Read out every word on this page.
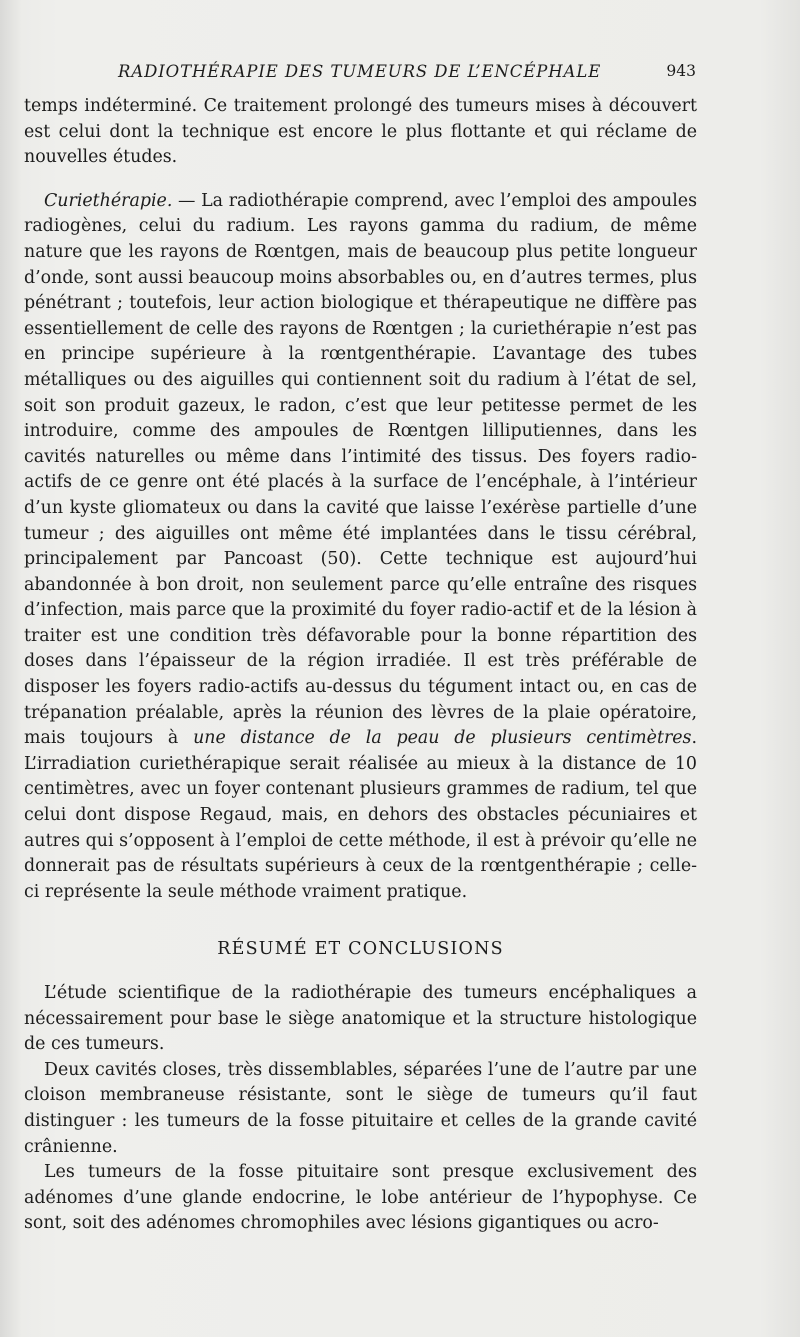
RADIOTHÉRAPIE DES TUMEURS DE L’ENCÉPHALE	943

temps indéterminé. Ce traitement prolongé des tumeurs mises à découvert est celui dont la technique est encore le plus flottante et qui réclame de nouvelles études.

Curiethérapie. — La radiothérapie comprend, avec l’emploi des ampoules radiogènes, celui du radium. Les rayons gamma du radium, de même nature que les rayons de Rœntgen, mais de beaucoup plus petite longueur d’onde, sont aussi beaucoup moins absorbables ou, en d’autres termes, plus pénétrant ; toutefois, leur action biologique et thérapeutique ne diffère pas essentiellement de celle des rayons de Rœntgen ; la curiethérapie n’est pas en principe supérieure à la rœntgenthérapie. L’avantage des tubes métalliques ou des aiguilles qui contiennent soit du radium à l’état de sel, soit son produit gazeux, le radon, c’est que leur petitesse permet de les introduire, comme des ampoules de Rœntgen lilliputiennes, dans les cavités naturelles ou même dans l’intimité des tissus. Des foyers radio-actifs de ce genre ont été placés à la surface de l’encéphale, à l’intérieur d’un kyste gliomateux ou dans la cavité que laisse l’exérèse partielle d’une tumeur ; des aiguilles ont même été implantées dans le tissu cérébral, principalement par Pancoast (50). Cette technique est aujourd’hui abandonnée à bon droit, non seulement parce qu’elle entraîne des risques d’infection, mais parce que la proximité du foyer radio-actif et de la lésion à traiter est une condition très défavorable pour la bonne répartition des doses dans l’épaisseur de la région irradiée. Il est très préférable de disposer les foyers radio-actifs au-dessus du tégument intact ou, en cas de trépanation préalable, après la réunion des lèvres de la plaie opératoire, mais toujours à une distance de la peau de plusieurs centimètres. L’irradiation curiethérapique serait réalisée au mieux à la distance de 10 centimètres, avec un foyer contenant plusieurs grammes de radium, tel que celui dont dispose Regaud, mais, en dehors des obstacles pécuniaires et autres qui s’opposent à l’emploi de cette méthode, il est à prévoir qu’elle ne donnerait pas de résultats supérieurs à ceux de la rœntgenthérapie ; celle-ci représente la seule méthode vraiment pratique.

RÉSUMÉ ET CONCLUSIONS

L’étude scientifique de la radiothérapie des tumeurs encéphaliques a nécessairement pour base le siège anatomique et la structure histologique de ces tumeurs.

Deux cavités closes, très dissemblables, séparées l’une de l’autre par une cloison membraneuse résistante, sont le siège de tumeurs qu’il faut distinguer : les tumeurs de la fosse pituitaire et celles de la grande cavité crânienne.

Les tumeurs de la fosse pituitaire sont presque exclusivement des adénomes d’une glande endocrine, le lobe antérieur de l’hypophyse. Ce sont, soit des adénomes chromophiles avec lésions gigantiques ou acro-
